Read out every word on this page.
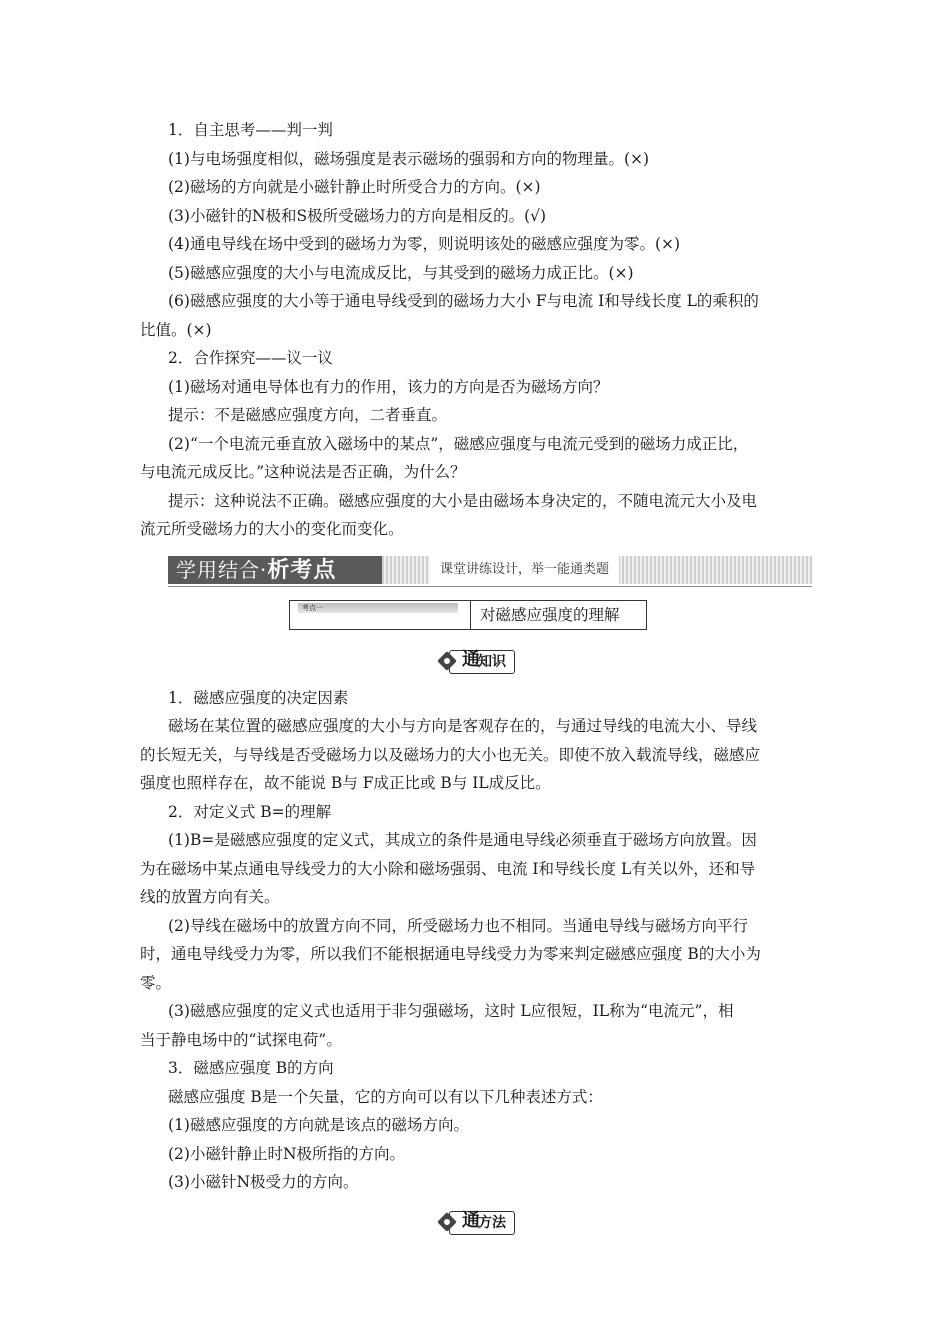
1．自主思考——判一判

(1)与电场强度相似，磁场强度是表示磁场的强弱和方向的物理量。(×)

(2)磁场的方向就是小磁针静止时所受合力的方向。(×)

(3)小磁针的N极和S极所受磁场力的方向是相反的。(√)

(4)通电导线在场中受到的磁场力为零，则说明该处的磁感应强度为零。(×)

(5)磁感应强度的大小与电流成反比，与其受到的磁场力成正比。(×)

(6)磁感应强度的大小等于通电导线受到的磁场力大小 F与电流 I和导线长度 L的乘积的

比值。(×)

2．合作探究——议一议

(1)磁场对通电导体也有力的作用，该力的方向是否为磁场方向？

提示：不是磁感应强度方向，二者垂直。

(2)“一个电流元垂直放入磁场中的某点”，磁感应强度与电流元受到的磁场力成正比，

与电流元成反比。”这种说法是否正确，为什么？

提示：这种说法不正确。磁感应强度的大小是由磁场本身决定的，不随电流元大小及电

流元所受磁场力的大小的变化而变化。

学用结合·析考点	课堂讲练设计，举一能通类题
考点一	对磁感应强度的理解
通
知识

1．磁感应强度的决定因素

磁场在某位置的磁感应强度的大小与方向是客观存在的，与通过导线的电流大小、导线

的长短无关，与导线是否受磁场力以及磁场力的大小也无关。即使不放入载流导线，磁感应

强度也照样存在，故不能说 B与 F成正比或 B与 IL成反比。

2．对定义式 B=的理解

(1)B=是磁感应强度的定义式，其成立的条件是通电导线必须垂直于磁场方向放置。因

为在磁场中某点通电导线受力的大小除和磁场强弱、电流 I和导线长度 L有关以外，还和导

线的放置方向有关。

(2)导线在磁场中的放置方向不同，所受磁场力也不相同。当通电导线与磁场方向平行

时，通电导线受力为零，所以我们不能根据通电导线受力为零来判定磁感应强度 B的大小为

零。

(3)磁感应强度的定义式也适用于非匀强磁场，这时 L应很短，IL称为“电流元”，相

当于静电场中的“试探电荷”。

3．磁感应强度 B的方向

磁感应强度 B是一个矢量，它的方向可以有以下几种表述方式：

(1)磁感应强度的方向就是该点的磁场方向。

(2)小磁针静止时N极所指的方向。

(3)小磁针N极受力的方向。

通
方法
